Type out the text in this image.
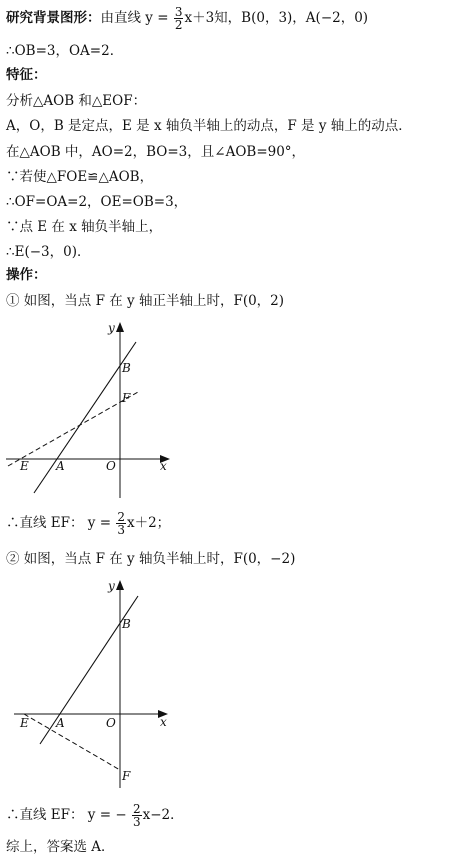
研究背景图形：由直线 $y = \frac{3}{2} x+3$知，B(0，3)，A(−2，0)
∴OB=3，OA=2．
特征：
分析△AOB 和△EOF：
A，O，B 是定点，E 是 x 轴负半轴上的动点，F 是 y 轴上的动点．
在△AOB 中，AO=2，BO=3，且∠AOB=90°，
∵若使△FOE≌△AOB，
∴OF=OA=2，OE=OB=3，
∵点 E 在 x 轴负半轴上，
∴E(−3，0)．
操作：
① 如图，当点 F 在 y 轴正半轴上时，F(0，2)
y
x
B
F
E A	O
∴直线 EF： $y = \frac{2}{3} x+2$；
② 如图，当点 F 在 y 轴负半轴上时，F(0，−2)
y
x
B
F
E A	O
∴直线 EF： y = − $\frac{2}{3} x-2$．
综上，答案选 A．
